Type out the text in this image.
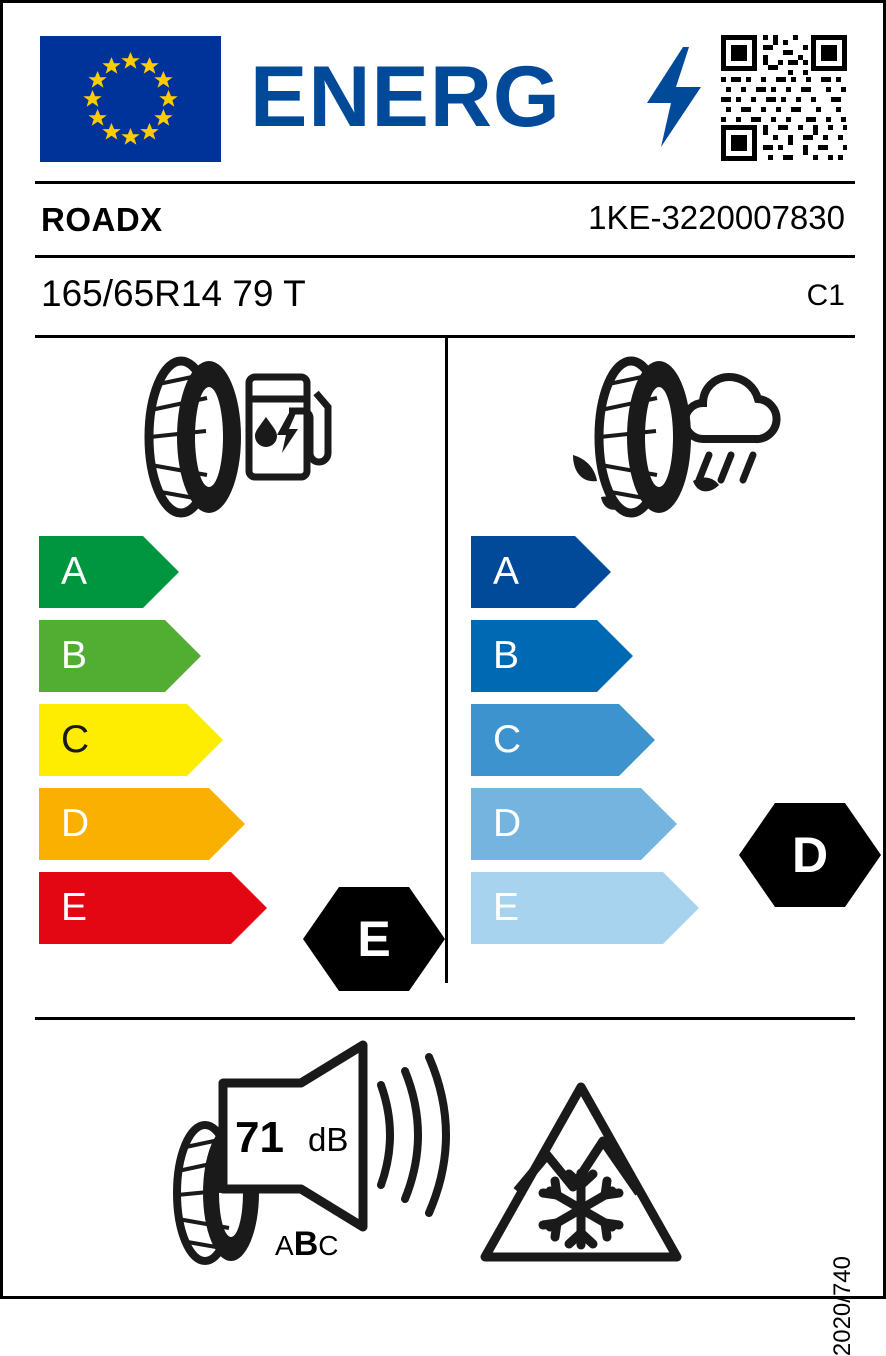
ENERG
ROADX	1KE-3220007830
165/65R14 79 T	C1
A
B
C
D
E
E
A
B
C
D
E
D
71 dB
ABC
2020/740
